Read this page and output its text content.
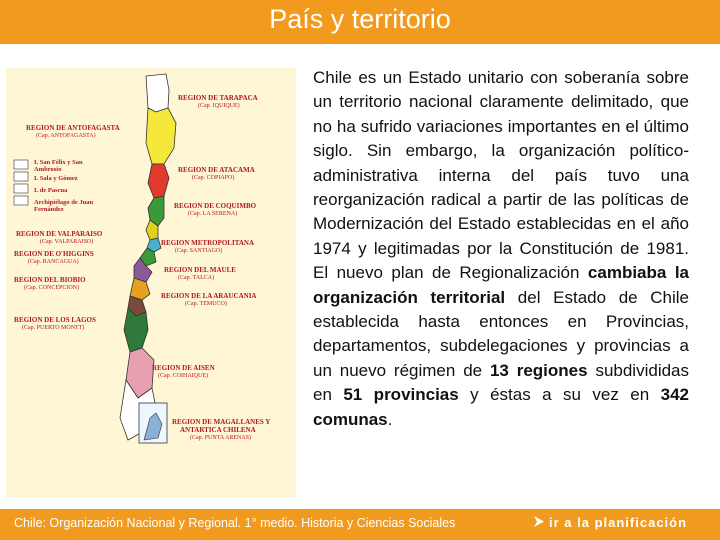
País y territorio
REGION DE TARAPACA
(Cap. IQUIQUE)
REGION DE ANTOFAGASTA
(Cap. ANTOFAGASTA)
I. San Félix y San Ambrosio
I. Sala y Gómez
I. de Pascua
Archipiélago de Juan Fernández
REGION DE ATACAMA
(Cap. COPIAPO)
REGION DE COQUIMBO
(Cap. LA SERENA)
REGION DE VALPARAISO
(Cap. VALPARAISO)	REGION METROPOLITANA
(Cap. SANTIAGO)
REGION DE O'HIGGINS
(Cap. RANCAGUA)
REGION DEL MAULE
(Cap. TALCA)
REGION DEL BIOBIO
(Cap. CONCEPCION)
REGION DE LA ARAUCANIA
(Cap. TEMUCO)
REGION DE LOS LAGOS
(Cap. PUERTO MONTT)
REGION DE AISEN
(Cap. COIHAIQUE)
REGION DE MAGALLANES Y
ANTARTICA CHILENA
(Cap. PUNTA ARENAS)
Chile es un Estado unitario con soberanía sobre un territorio nacional claramente delimitado, que no ha sufrido variaciones importantes en el último siglo. Sin embargo, la organización político-administrativa interna del país tuvo una reorganización radical a partir de las políticas de Modernización del Estado establecidas en el año 1974 y legitimadas por la Constitución de 1981. El nuevo plan de Regionalización cambiaba la organización territorial del Estado de Chile establecida hasta entonces en Provincias, departamentos, subdelegaciones y provincias a un nuevo régimen de 13 regiones subdivididas en 51 provincias y éstas a su vez en 342 comunas.
Chile: Organización Nacional y Regional. 1° medio. Historia y Ciencias Sociales	ir a la planificación
